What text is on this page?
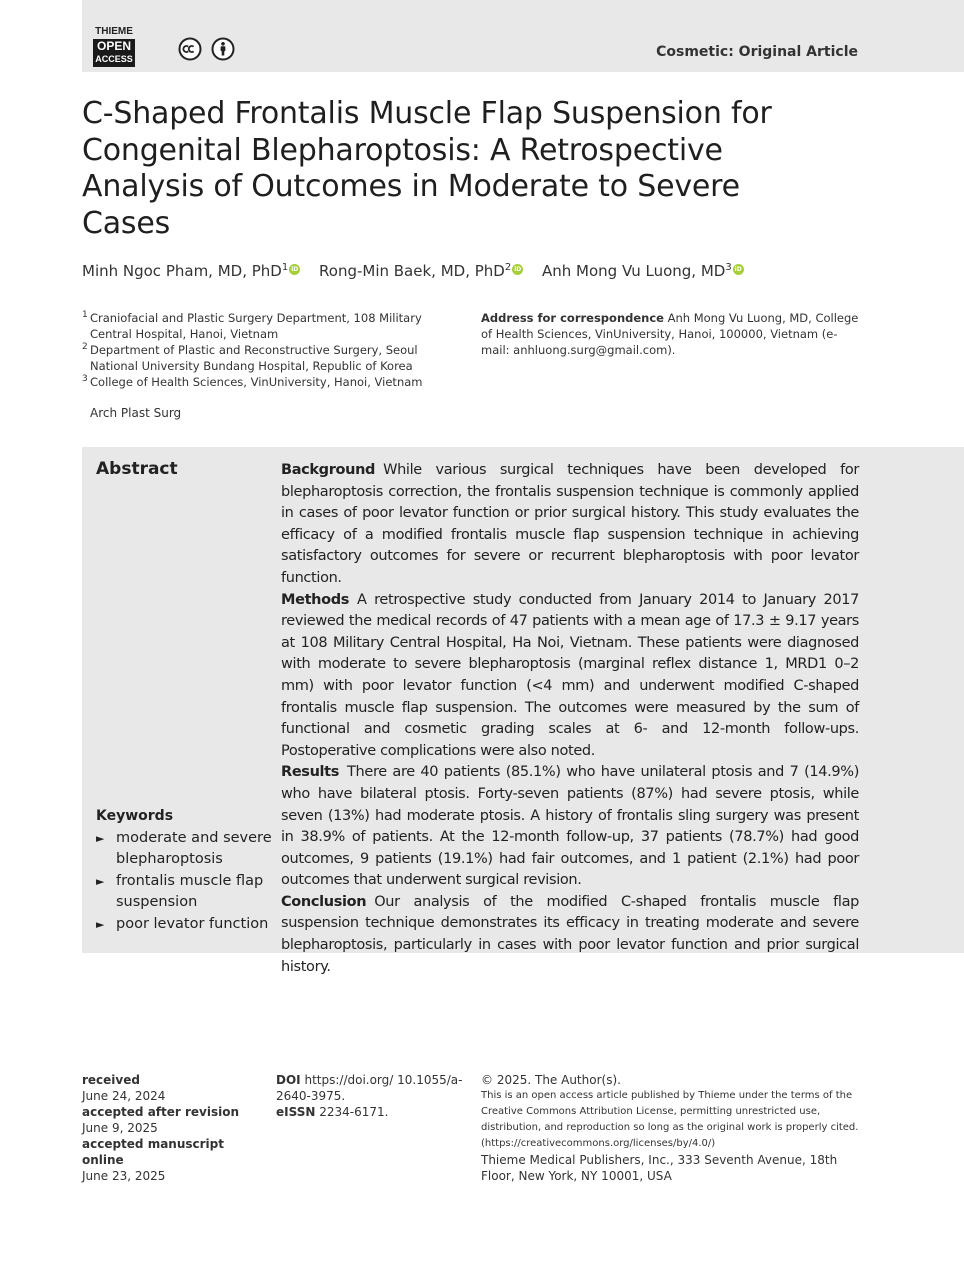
THIEME
OPEN
ACCESS
	Cosmetic: Original Article
C-Shaped Frontalis Muscle Flap Suspension for Congenital Blepharoptosis: A Retrospective Analysis of Outcomes in Moderate to Severe Cases
Minh Ngoc Pham, MD, PhD$^1$ iD Rong-Min Baek, MD, PhD$^2$ iD Anh Mong Vu Luong, $MD^3$ iD
1 Craniofacial and Plastic Surgery Department, 108 Military Central Hospital, Hanoi, Vietnam
2 Department of Plastic and Reconstructive Surgery, Seoul National University Bundang Hospital, Republic of Korea
3 College of Health Sciences, VinUniversity, Hanoi, Vietnam
Address for correspondence Anh Mong Vu Luong, MD, College of Health Sciences, VinUniversity, Hanoi, 100000, Vietnam (e-mail: anhluong.surg@gmail.com).
Arch Plast Surg
Abstract	Background While various surgical techniques have been developed for blepharoptosis correction, the frontalis suspension technique is commonly applied in cases of poor levator function or prior surgical history. This study evaluates the efficacy of a modified frontalis muscle flap suspension technique in achieving satisfactory outcomes for severe or recurrent blepharoptosis with poor levator function.

Methods A retrospective study conducted from January 2014 to January 2017 reviewed the medical records of 47 patients with a mean age of 17.3 ± 9.17 years at 108 Military Central Hospital, Ha Noi, Vietnam. These patients were diagnosed with moderate to severe blepharoptosis (marginal reflex distance 1, MRD1 0–2 mm) with poor levator function (<4 mm) and underwent modified C-shaped frontalis muscle flap suspension. The outcomes were measured by the sum of functional and cosmetic grading scales at 6- and 12-month follow-ups. Postoperative complications were also noted.

Results There are 40 patients (85.1%) who have unilateral ptosis and 7 (14.9%) who have bilateral ptosis. Forty-seven patients (87%) had severe ptosis, while seven (13%) had moderate ptosis. A history of frontalis sling surgery was present in 38.9% of patients. At the 12-month follow-up, 37 patients (78.7%) had good outcomes, 9 patients (19.1%) had fair outcomes, and 1 patient (2.1%) had poor outcomes that underwent surgical revision.

Conclusion Our analysis of the modified C-shaped frontalis muscle flap suspension technique demonstrates its efficacy in treating moderate and severe blepharoptosis, particularly in cases with poor levator function and prior surgical history.

Keywords
► moderate and severe blepharoptosis
► frontalis muscle flap suspension
► poor levator function
received
June 24, 2024
accepted after revision
June 9, 2025
accepted manuscript online
June 23, 2025
DOI https://doi.org/ 10.1055/a-2640-3975.
eISSN 2234-6171.
© 2025. The Author(s).
This is an open access article published by Thieme under the terms of the Creative Commons Attribution License, permitting unrestricted use, distribution, and reproduction so long as the original work is properly cited. (https://creativecommons.org/licenses/by/4.0/)
Thieme Medical Publishers, Inc., 333 Seventh Avenue, 18th Floor, New York, NY 10001, USA
